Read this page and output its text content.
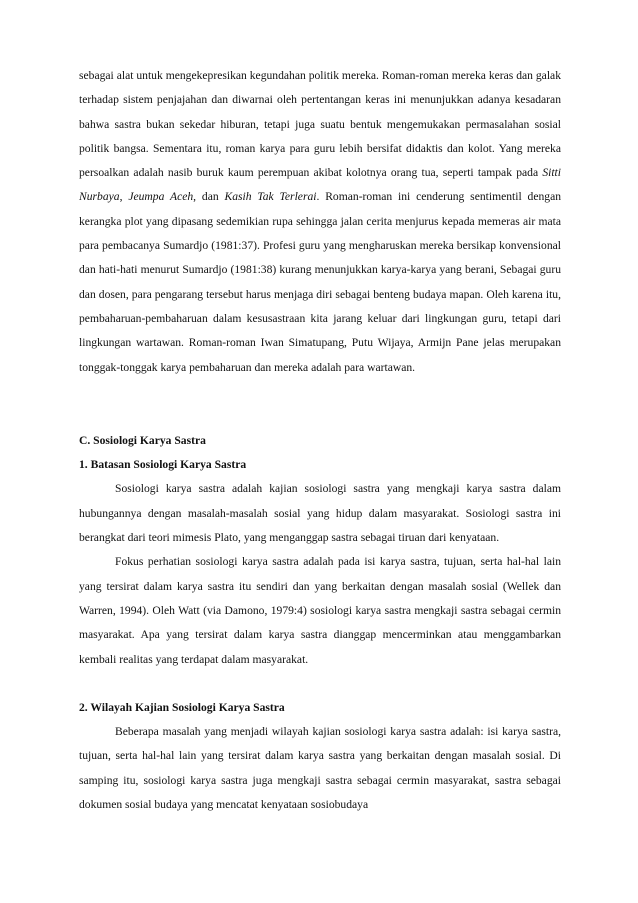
sebagai alat untuk mengekepresikan kegundahan politik mereka. Roman-roman mereka keras dan galak terhadap sistem penjajahan dan diwarnai oleh pertentangan keras ini menunjukkan adanya kesadaran bahwa sastra bukan sekedar hiburan, tetapi juga suatu bentuk mengemukakan permasalahan sosial politik bangsa. Sementara itu, roman karya para guru lebih bersifat didaktis dan kolot. Yang mereka persoalkan adalah nasib buruk kaum perempuan akibat kolotnya orang tua, seperti tampak pada Sitti Nurbaya, Jeumpa Aceh, dan Kasih Tak Terlerai. Roman-roman ini cenderung sentimentil dengan kerangka plot yang dipasang sedemikian rupa sehingga jalan cerita menjurus kepada memeras air mata para pembacanya Sumardjo (1981:37). Profesi guru yang mengharuskan mereka bersikap konvensional dan hati-hati menurut Sumardjo (1981:38) kurang menunjukkan karya-karya yang berani, Sebagai guru dan dosen, para pengarang tersebut harus menjaga diri sebagai benteng budaya mapan. Oleh karena itu, pembaharuan-pembaharuan dalam kesusastraan kita jarang keluar dari lingkungan guru, tetapi dari lingkungan wartawan. Roman-roman Iwan Simatupang, Putu Wijaya, Armijn Pane jelas merupakan tonggak-tonggak karya pembaharuan dan mereka adalah para wartawan.

C. Sosiologi Karya Sastra

1. Batasan Sosiologi Karya Sastra

Sosiologi karya sastra adalah kajian sosiologi sastra yang mengkaji karya sastra dalam hubungannya dengan masalah-masalah sosial yang hidup dalam masyarakat. Sosiologi sastra ini berangkat dari teori mimesis Plato, yang menganggap sastra sebagai tiruan dari kenyataan.

Fokus perhatian sosiologi karya sastra adalah pada isi karya sastra, tujuan, serta hal-hal lain yang tersirat dalam karya sastra itu sendiri dan yang berkaitan dengan masalah sosial (Wellek dan Warren, 1994). Oleh Watt (via Damono, 1979:4) sosiologi karya sastra mengkaji sastra sebagai cermin masyarakat. Apa yang tersirat dalam karya sastra dianggap mencerminkan atau menggambarkan kembali realitas yang terdapat dalam masyarakat.

2. Wilayah Kajian Sosiologi Karya Sastra

Beberapa masalah yang menjadi wilayah kajian sosiologi karya sastra adalah: isi karya sastra, tujuan, serta hal-hal lain yang tersirat dalam karya sastra yang berkaitan dengan masalah sosial. Di samping itu, sosiologi karya sastra juga mengkaji sastra sebagai cermin masyarakat, sastra sebagai dokumen sosial budaya yang mencatat kenyataan sosiobudaya
